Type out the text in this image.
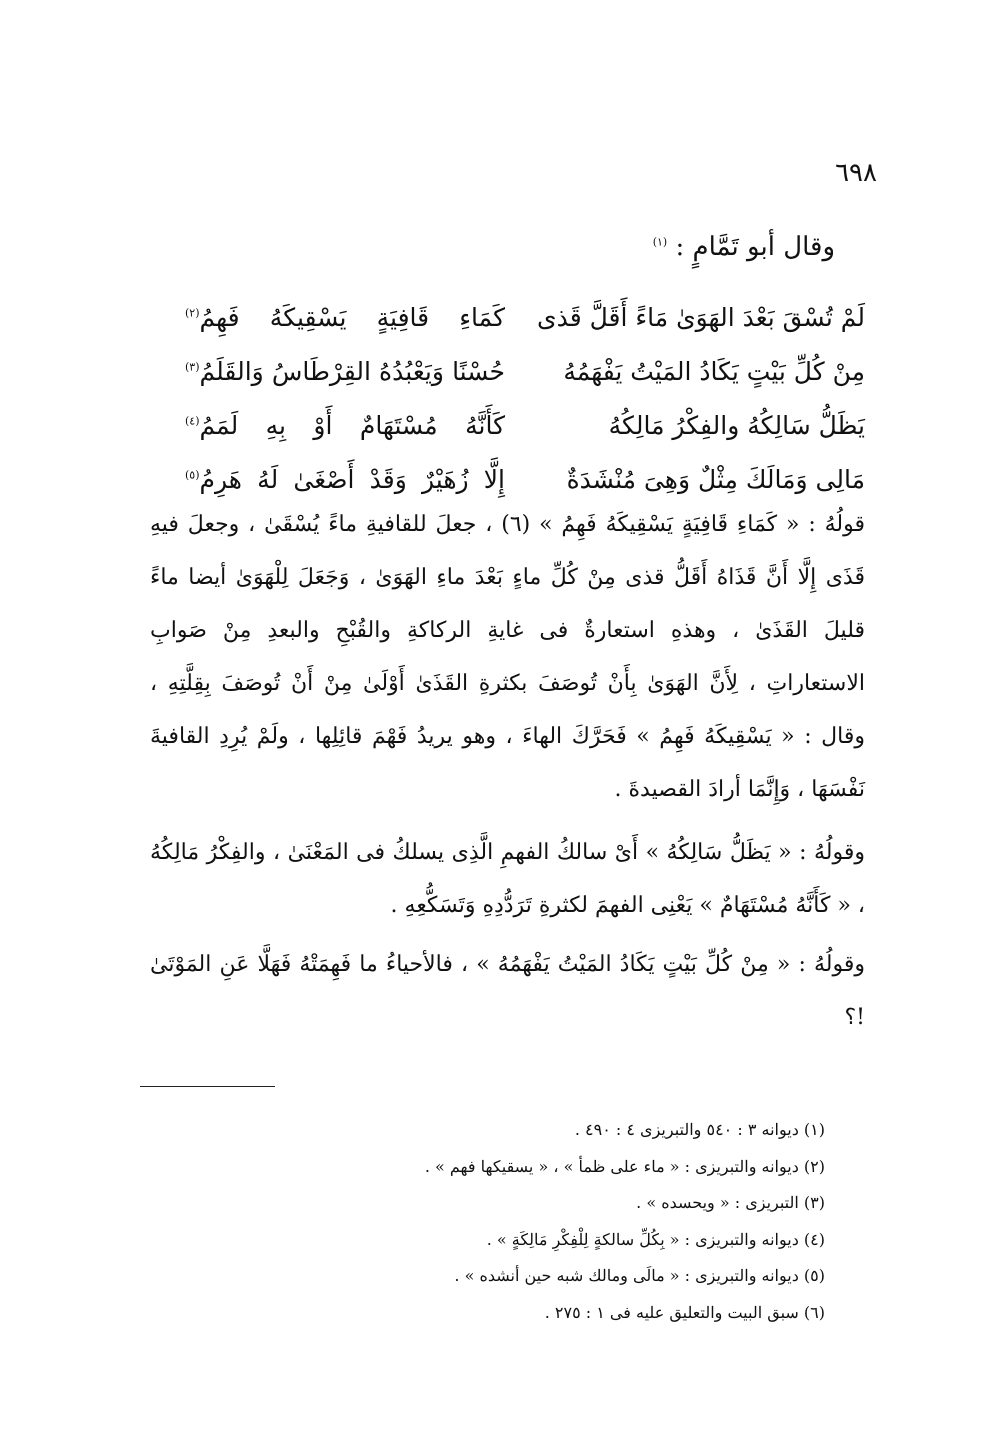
٦٩٨
وقال أبو تَمَّامٍ : $^{(١)}$
لَمْ تُسْقَ بَعْدَ الهَوَىٰ مَاءً أَقَلَّ قَذى
كَمَاءِ قَافِيَةٍ يَسْقِيكَهُ فَهِمُ$^{(٢)}$
مِنْ كُلِّ بَيْتٍ يَكَادُ المَيْتُ يَفْهَمُهُ
حُسْنًا وَيَعْبُدُهُ القِرْطَاسُ وَالقَلَمُ$^{(٣)}$
يَظَلُّ سَالِكُهُ والفِكْرُ مَالِكُهُ
كَأَنَّهُ مُسْتَهَامٌ أَوْ بِهِ لَمَمُ$^{(٤)}$
مَالِى وَمَالَكَ مِثْلٌ وَهِىَ مُنْشَدَةٌ
إِلَّا زُهَيْرٌ وَقَدْ أَصْغَىٰ لَهُ هَرِمُ$^{(٥)}$
قولُهُ : « كَمَاءِ قَافِيَةٍ يَسْقِيكَهُ فَهِمُ » (٦) ، جعلَ للقافيةِ ماءً يُسْقَىٰ ، وجعلَ فيهِ قَذَى إِلَّا أَنَّ قَذَاهُ أَقَلُّ قذى مِنْ كُلِّ ماءٍ بَعْدَ ماءِ الهَوَىٰ ، وَجَعَلَ لِلْهَوَىٰ أيضا ماءً قليلَ القَذَىٰ ، وهذهِ استعارةٌ فى غايةِ الركاكةِ والقُبْحِ والبعدِ مِنْ صَوابِ الاستعاراتِ ، لِأَنَّ الهَوَىٰ بِأَنْ تُوصَفَ بكثرةِ القَذَىٰ أَوْلَىٰ مِنْ أَنْ تُوصَفَ بِقِلَّتِهِ ، وقال : « يَسْقِيكَهُ فَهِمُ » فَحَرَّكَ الهاءَ ، وهو يريدُ فَهْمَ قائِلِها ، ولَمْ يُرِدِ القافيةَ نَفْسَهَا ، وَإِنَّمَا أرادَ القصيدةَ .
وقولُهُ : « يَظَلُّ سَالِكُهُ » أَىْ سالكُ الفهمِ الَّذِى يسلكُ فى المَعْنَىٰ ، والفِكْرُ مَالِكُهُ ، « كَأَنَّهُ مُسْتَهَامٌ » يَعْنِى الفهمَ لكثرةِ تَرَدُّدِهِ وَتَسَكُّعِهِ .
وقولُهُ : « مِنْ كُلِّ بَيْتٍ يَكَادُ المَيْتُ يَفْهَمُهُ » ، فالأحياءُ ما فَهِمَتْهُ فَهَلَّا عَنِ المَوْتَىٰ !؟
(١) ديوانه ٣ : ٥٤٠ والتبريزى ٤ : ٤٩٠ .
(٢) ديوانه والتبريزى : « ماء على ظمأ » ، « يسقيكها فهم » .
(٣) التبريزى : « ويحسده » .
(٤) ديوانه والتبريزى : « بِكُلِّ سالكةٍ لِلْفِكْرِ مَالِكَةٍ » .
(٥) ديوانه والتبريزى : « مالَى ومالك شبه حين أنشده » .
(٦) سبق البيت والتعليق عليه فى ١ : ٢٧٥ .
